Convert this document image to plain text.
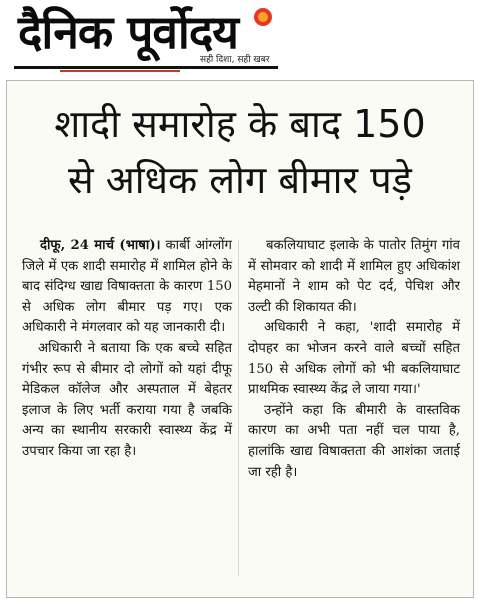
दैनिक पूर्वोदय
सही दिशा, सही खबर
शादी समारोह के बाद 150
से अधिक लोग बीमार पड़े

दीफू, 24 मार्च (भाषा)। कार्बी आंग्लोंग जिले में एक शादी समारोह में शामिल होने के बाद संदिग्ध खाद्य विषाक्तता के कारण 150 से अधिक लोग बीमार पड़ गए। एक अधिकारी ने मंगलवार को यह जानकारी दी।

अधिकारी ने बताया कि एक बच्चे सहित गंभीर रूप से बीमार दो लोगों को यहां दीफू मेडिकल कॉलेज और अस्पताल में बेहतर इलाज के लिए भर्ती कराया गया है जबकि अन्य का स्थानीय सरकारी स्वास्थ्य केंद्र में उपचार किया जा रहा है।

बकलियाघाट इलाके के पातोर तिमुंग गांव में सोमवार को शादी में शामिल हुए अधिकांश मेहमानों ने शाम को पेट दर्द, पेचिश और उल्टी की शिकायत की।

अधिकारी ने कहा, 'शादी समारोह में दोपहर का भोजन करने वाले बच्चों सहित 150 से अधिक लोगों को भी बकलियाघाट प्राथमिक स्वास्थ्य केंद्र ले जाया गया।'

उन्होंने कहा कि बीमारी के वास्तविक कारण का अभी पता नहीं चल पाया है, हालांकि खाद्य विषाक्तता की आशंका जताई जा रही है।
